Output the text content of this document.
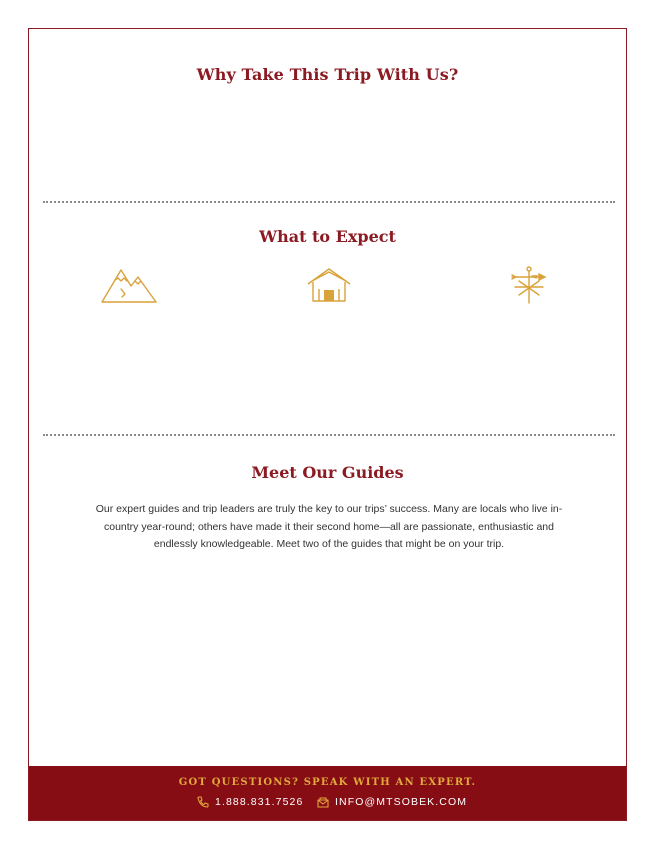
Why Take This Trip With Us?
What to Expect
Meet Our Guides

Our expert guides and trip leaders are truly the key to our trips’ success. Many are locals who live in-country year-round; others have made it their second home—all are passionate, enthusiastic and endlessly knowledgeable. Meet two of the guides that might be on your trip.

GOT QUESTIONS? SPEAK WITH AN EXPERT.
1.888.831.7526	INFO@MTSOBEK.COM
